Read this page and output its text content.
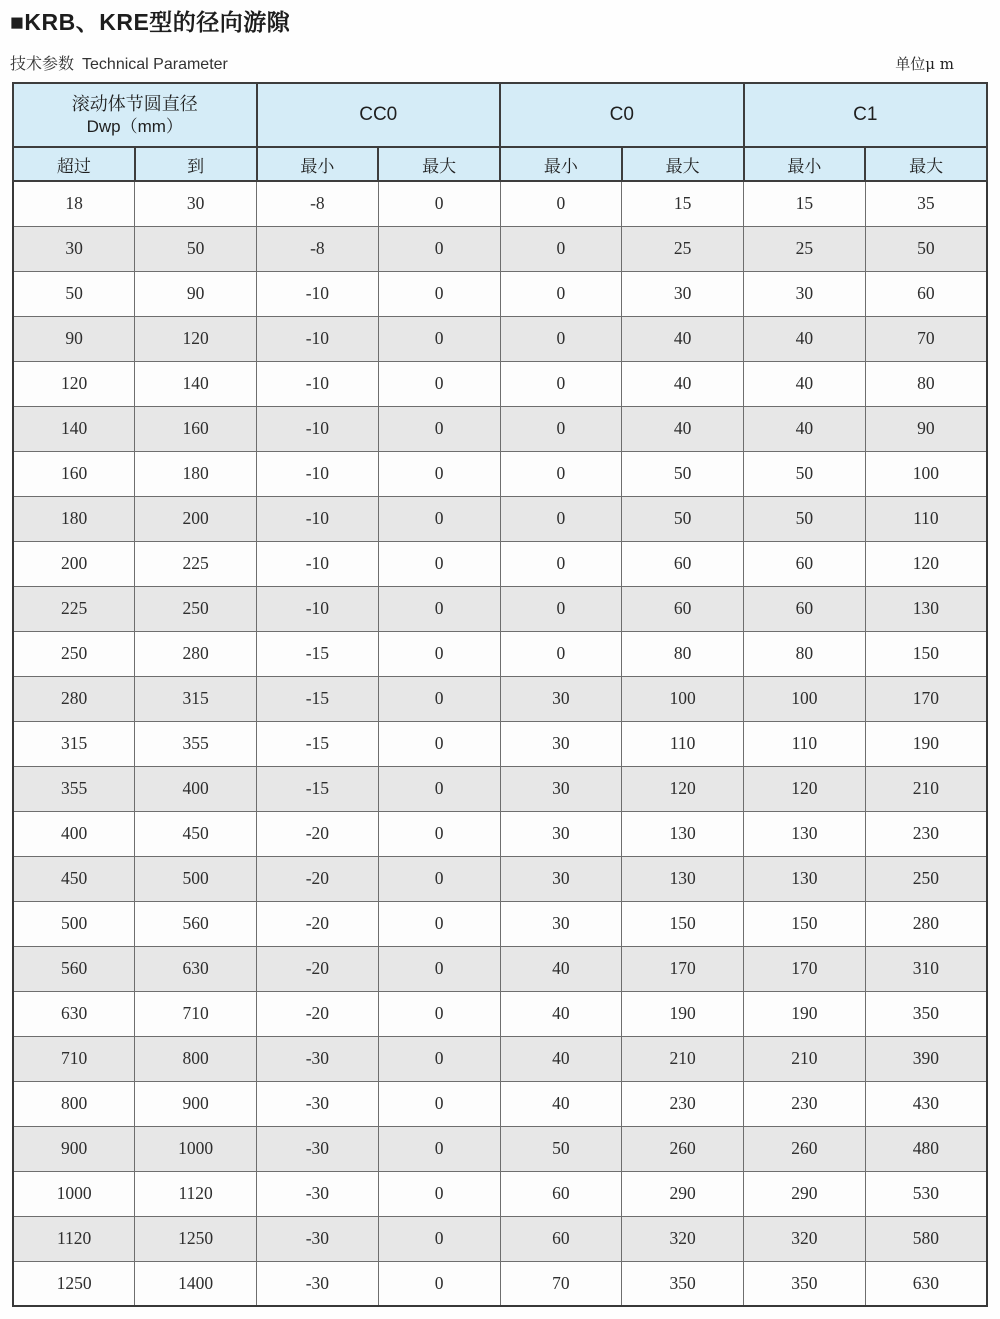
■KRB、KRE型的径向游隙
技术参数 Technical Parameter	单位μ m
滚动体节圆直径
Dwp（mm）		CC0		C0		C1	
超过	到	最小	最大	最小	最大	最小	最大
18	30	-8	0	0	15	15	35
30	50	-8	0	0	25	25	50
50	90	-10	0	0	30	30	60
90	120	-10	0	0	40	40	70
120	140	-10	0	0	40	40	80
140	160	-10	0	0	40	40	90
160	180	-10	0	0	50	50	100
180	200	-10	0	0	50	50	110
200	225	-10	0	0	60	60	120
225	250	-10	0	0	60	60	130
250	280	-15	0	0	80	80	150
280	315	-15	0	30	100	100	170
315	355	-15	0	30	110	110	190
355	400	-15	0	30	120	120	210
400	450	-20	0	30	130	130	230
450	500	-20	0	30	130	130	250
500	560	-20	0	30	150	150	280
560	630	-20	0	40	170	170	310
630	710	-20	0	40	190	190	350
710	800	-30	0	40	210	210	390
800	900	-30	0	40	230	230	430
900	1000	-30	0	50	260	260	480
1000	1120	-30	0	60	290	290	530
1120	1250	-30	0	60	320	320	580
1250	1400	-30	0	70	350	350	630
